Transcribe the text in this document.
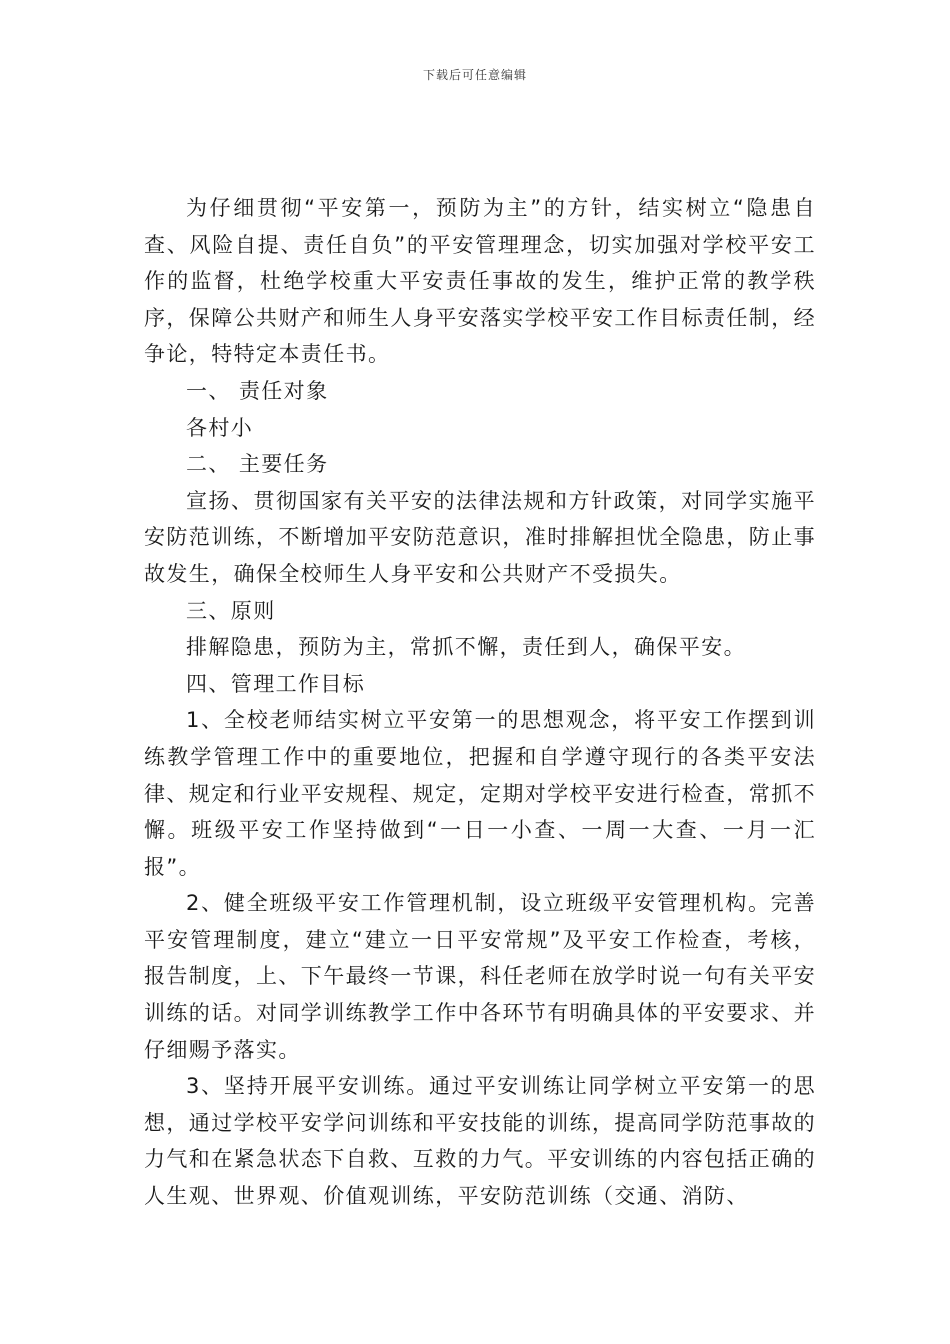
下载后可任意编辑

为仔细贯彻“平安第一，预防为主”的方针，结实树立“隐患自查、风险自提、责任自负”的平安管理理念，切实加强对学校平安工作的监督，杜绝学校重大平安责任事故的发生，维护正常的教学秩序，保障公共财产和师生人身平安落实学校平安工作目标责任制，经争论，特特定本责任书。

一、 责任对象

各村小

二、 主要任务

宣扬、贯彻国家有关平安的法律法规和方针政策，对同学实施平安防范训练，不断增加平安防范意识，准时排解担忧全隐患，防止事故发生，确保全校师生人身平安和公共财产不受损失。

三、原则

排解隐患，预防为主，常抓不懈，责任到人，确保平安。

四、管理工作目标

1、全校老师结实树立平安第一的思想观念，将平安工作摆到训练教学管理工作中的重要地位，把握和自学遵守现行的各类平安法律、规定和行业平安规程、规定，定期对学校平安进行检查，常抓不懈。班级平安工作坚持做到“一日一小查、一周一大查、一月一汇报”。

2、健全班级平安工作管理机制，设立班级平安管理机构。完善平安管理制度，建立“建立一日平安常规”及平安工作检查，考核，报告制度，上、下午最终一节课，科任老师在放学时说一句有关平安训练的话。对同学训练教学工作中各环节有明确具体的平安要求、并仔细赐予落实。

3、坚持开展平安训练。通过平安训练让同学树立平安第一的思想，通过学校平安学问训练和平安技能的训练，提高同学防范事故的力气和在紧急状态下自救、互救的力气。平安训练的内容包括正确的人生观、世界观、价值观训练，平安防范训练（交通、消防、
